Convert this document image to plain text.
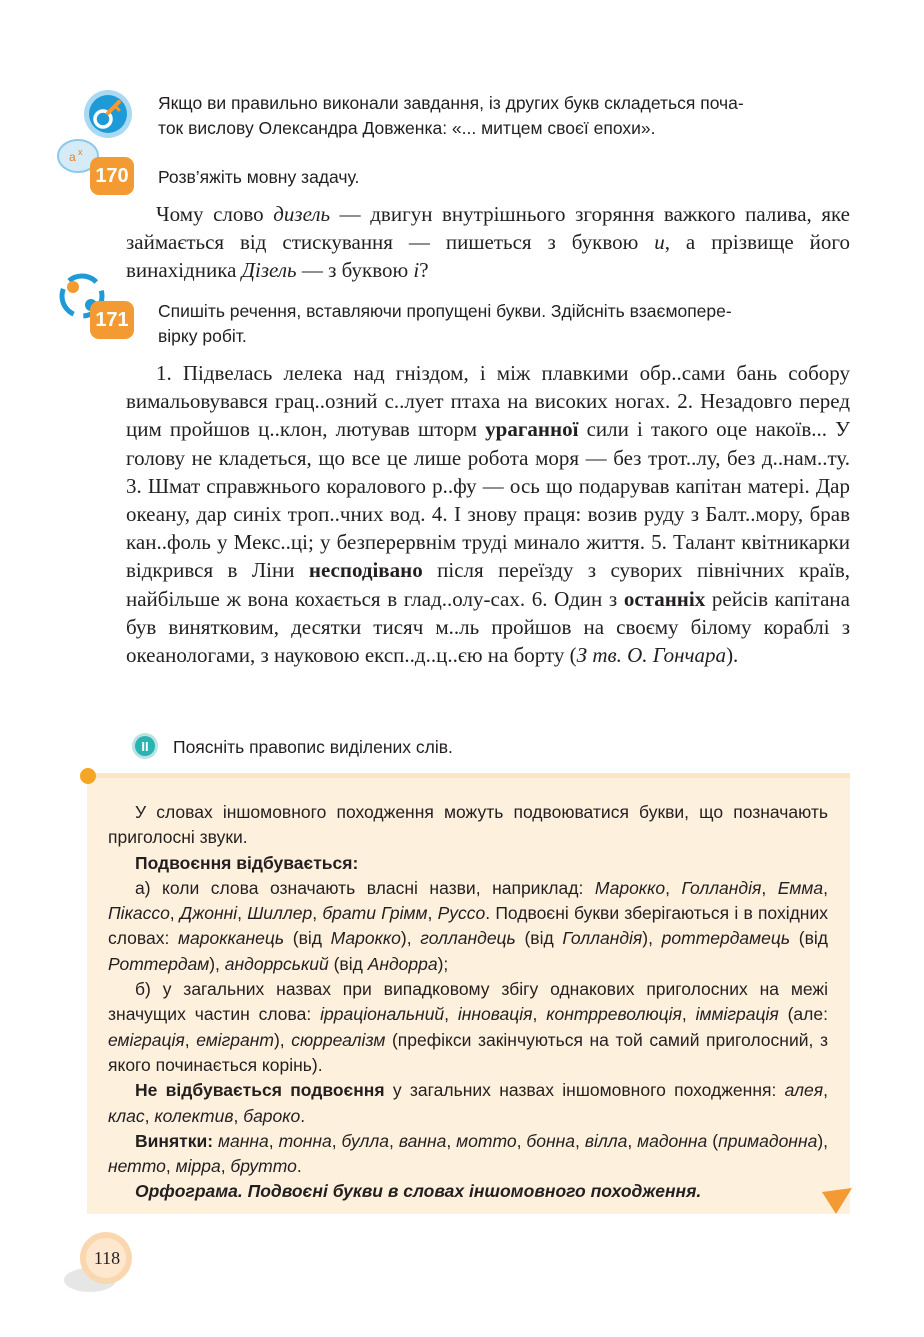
Якщо ви правильно виконали завдання, із других букв складеться поча-
ток вислову Олександра Довженка: «... митцем своєї епохи».
a x
170	Розв’яжіть мовну задачу.

Чому слово дизель — двигун внутрішнього згоряння важкого палива, яке займається від стискування — пишеться з буквою и, а прізвище його винахідника Дізель — з буквою і?

171	Спишіть речення, вставляючи пропущені букви. Здійсніть взаємопере-
вірку робіт.

1. Підвелась лелека над гніздом, і між плавкими обр..сами бань собору вимальовувався грац..озний с..лует птаха на високих ногах. 2. Незадовго перед цим пройшов ц..клон, лютував шторм ураганної сили і такого оце накоїв... У голову не кладеться, що все це лише робота моря — без трот..лу, без д..нам..ту. 3. Шмат справжнього коралового р..фу — ось що подарував капітан матері. Дар океану, дар синіх троп..чних вод. 4. І знову праця: возив руду з Балт..мору, брав кан..фоль у Мекс..ці; у безперервнім труді минало життя. 5. Талант квітникарки відкрився в Ліни несподівано після переїзду з суворих північних країв, найбільше ж вона кохається в глад..олу-сах. 6. Один з останніх рейсів капітана був винятковим, десятки тисяч м..ль пройшов на своєму білому кораблі з океанологами, з науковою експ..д..ц..єю на борту (З тв. О. Гончара).

II Поясніть правопис виділених слів.

У словах іншомовного походження можуть подвоюватися букви, що позначають приголосні звуки.

Подвоєння відбувається:

а) коли слова означають власні назви, наприклад: Марокко, Голландія, Емма, Пікассо, Джонні, Шиллер, брати Грімм, Руссо. Подвоєні букви зберігаються і в похідних словах: марокканець (від Марокко), голландець (від Голландія), роттердамець (від Роттердам), андоррський (від Андорра);

б) у загальних назвах при випадковому збігу однакових приголосних на межі значущих частин слова: ірраціональний, інновація, контрреволюція, імміграція (але: еміграція, емігрант), сюрреалізм (префікси закінчуються на той самий приголосний, з якого починається корінь).

Не відбувається подвоєння у загальних назвах іншомовного походження: алея, клас, колектив, бароко.

Винятки: манна, тонна, булла, ванна, мотто, бонна, вілла, мадонна (примадонна), нетто, мірра, брутто.

Орфограма. Подвоєні букви в словах іншомовного походження.

118
